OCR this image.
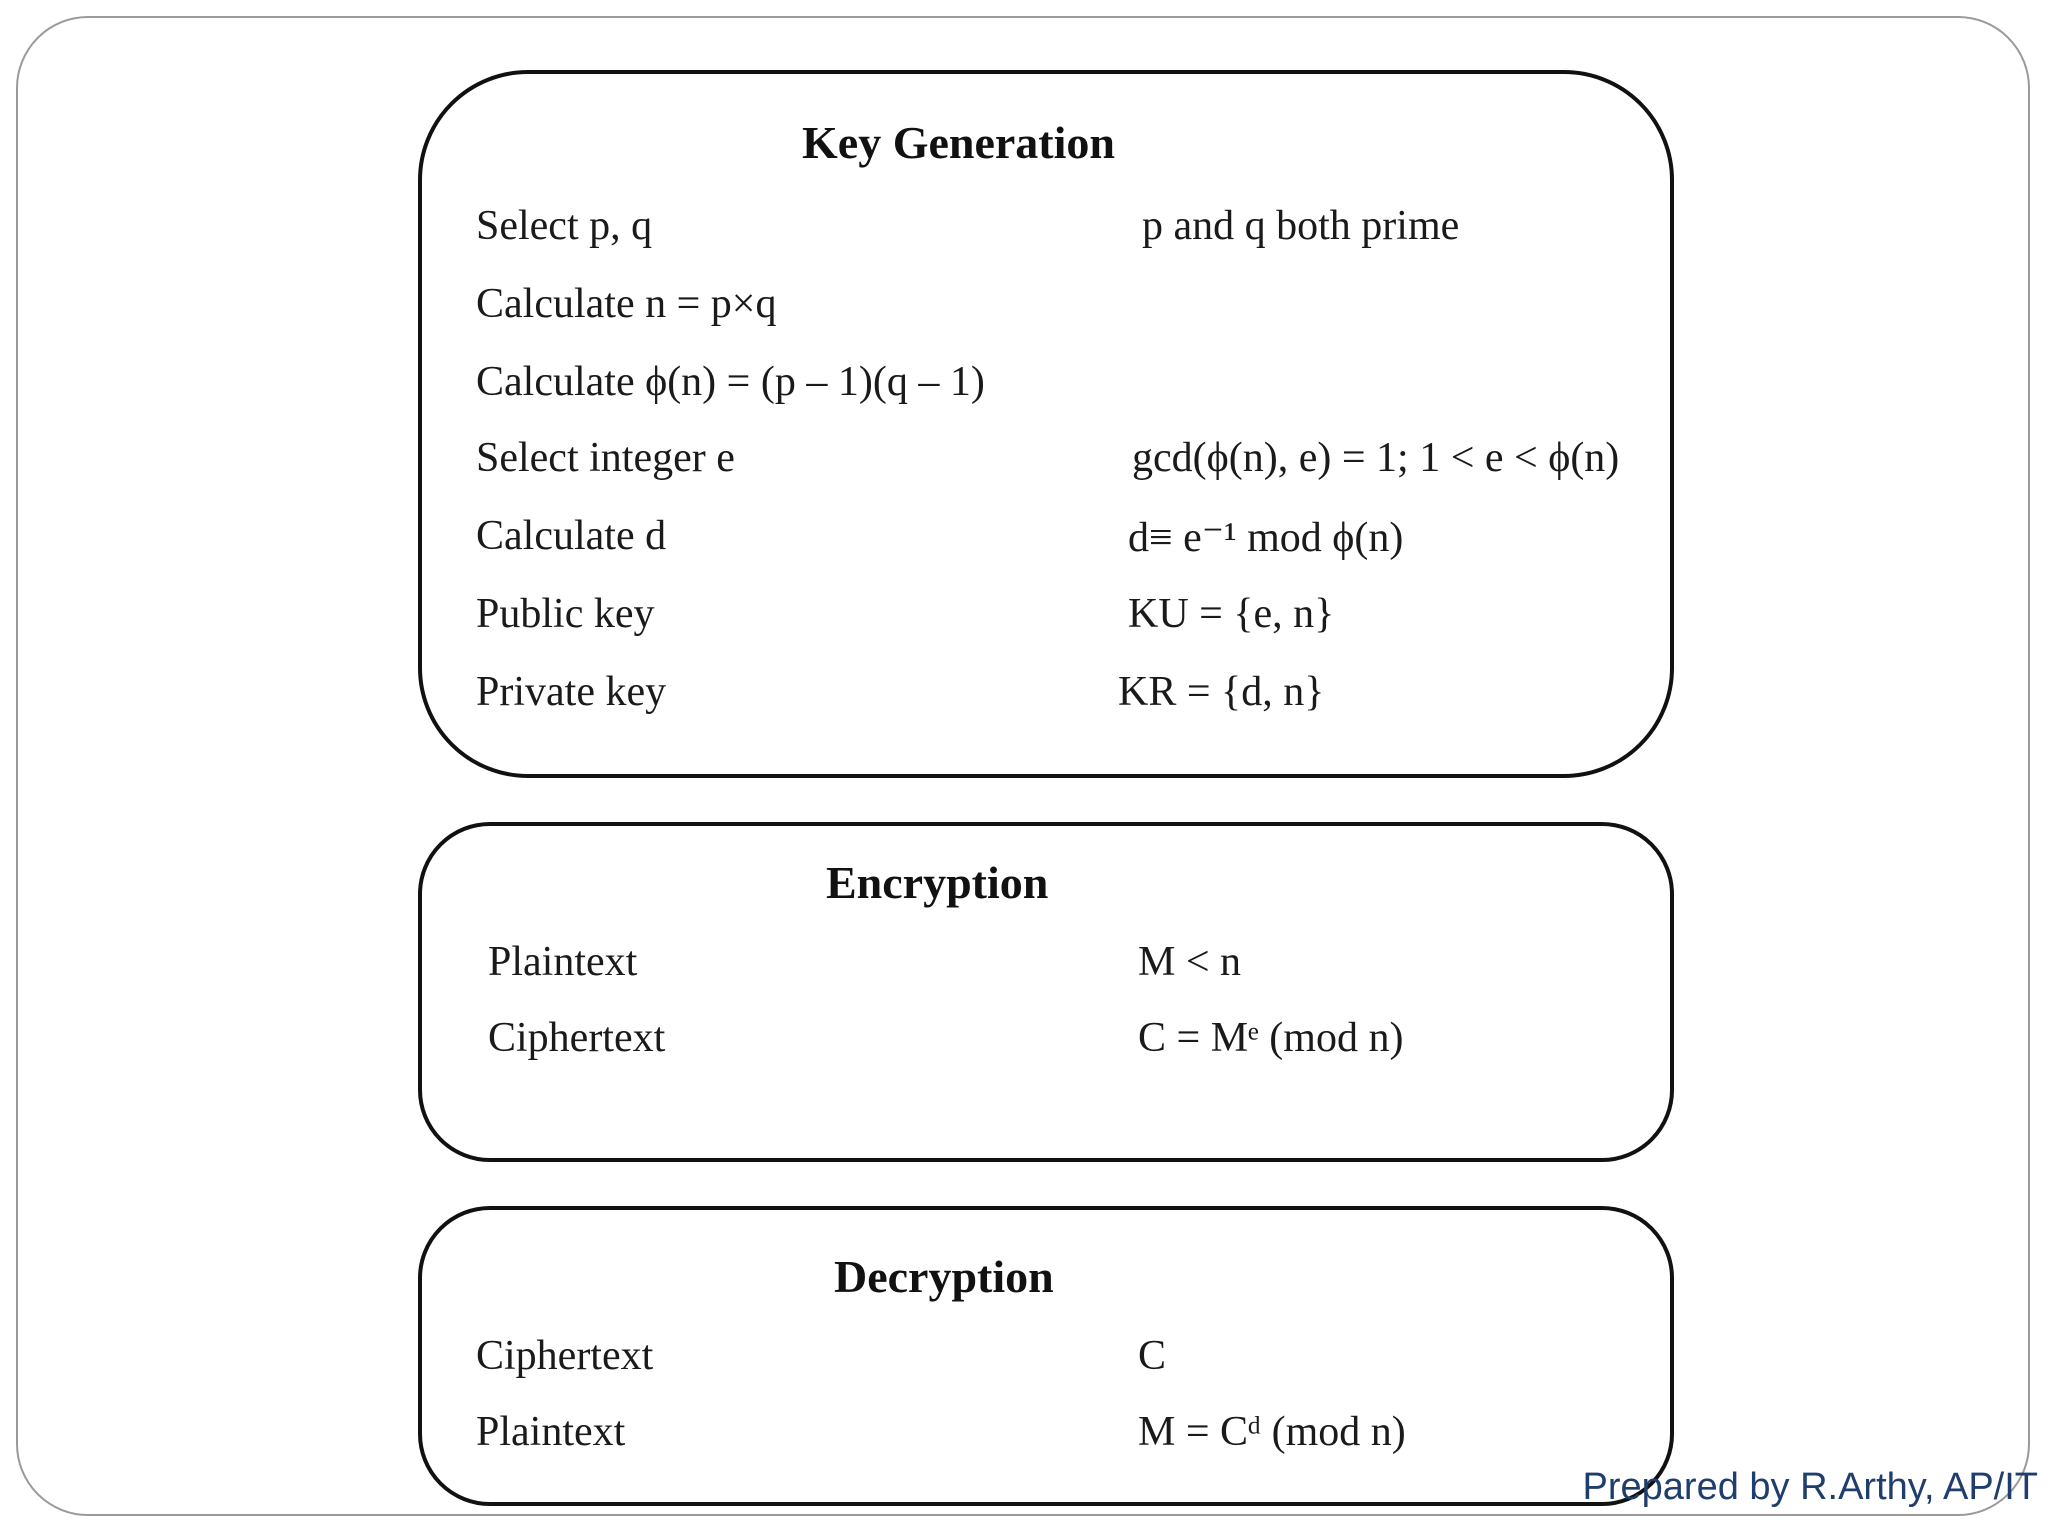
Key Generation
Select p, q	p and q both prime
Calculate n = p×q
Calculate ϕ(n) = (p – 1)(q – 1)
Select integer e	gcd(ϕ(n), e) = 1; 1 < e < ϕ(n)
Calculate d	d≡ e⁻¹ mod ϕ(n)
Public key	KU = {e, n}
Private key	KR = {d, n}
Encryption
Plaintext	M < n
Ciphertext	C = Mᵉ (mod n)
Decryption
Ciphertext	C
Plaintext	M = Cᵈ (mod n)
Prepared by R.Arthy, AP/IT
